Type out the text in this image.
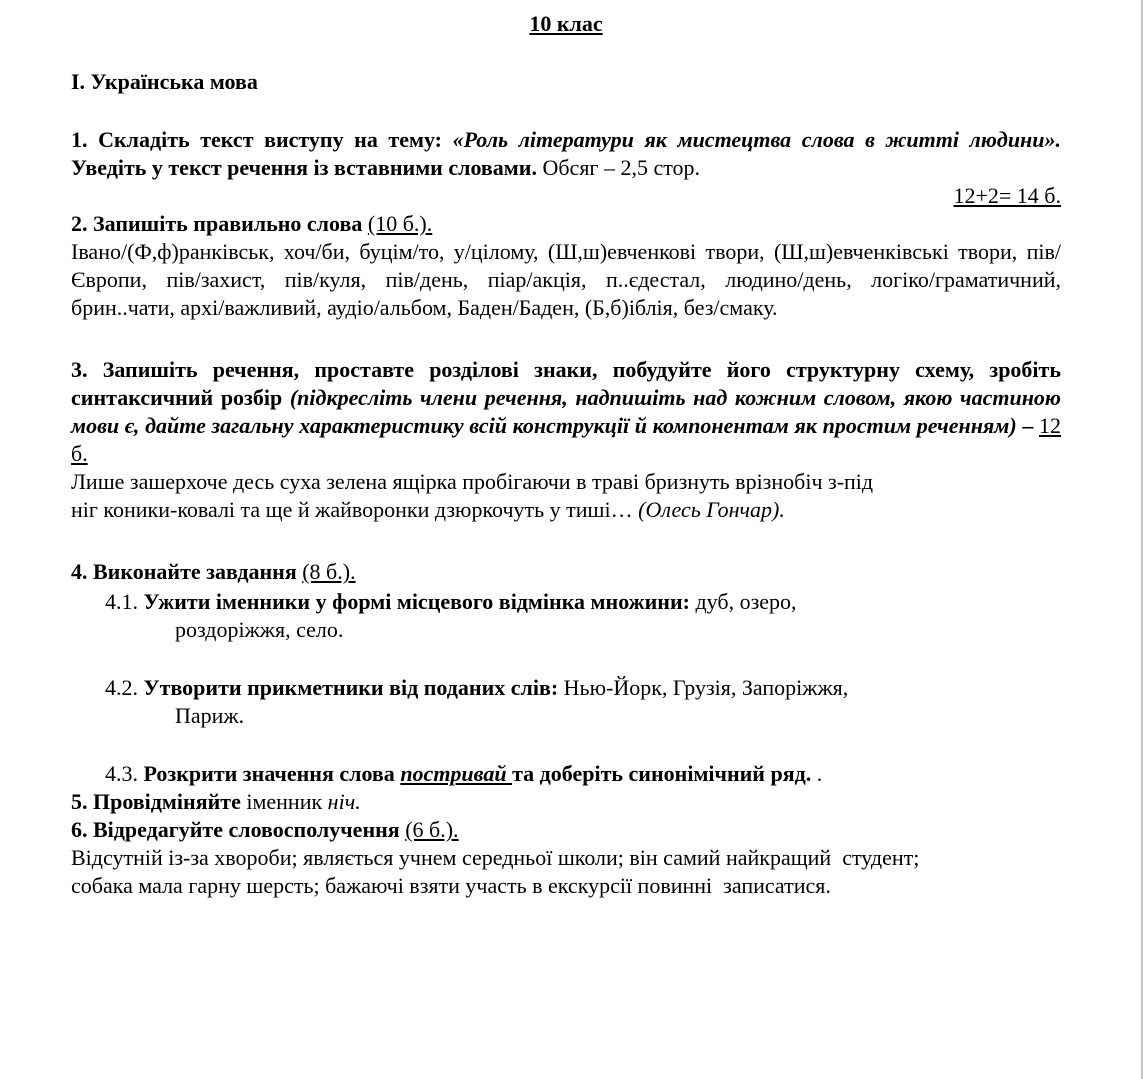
10 клас

І. Українська мова

1. Складіть текст виступу на тему: «Роль літератури як мистецтва слова в житті людини». Уведіть у текст речення із вставними словами. Обсяг – 2,5 стор.

12+2= 14 б.

2. Запишіть правильно слова (10 б.).

Івано/(Ф,ф)ранківськ, хоч/би, буцім/то, у/цілому, (Ш,ш)евченкові твори, (Ш,ш)евченківські твори, пів/Європи, пів/захист, пів/куля, пів/день, піар/акція, п..єдестал, людино/день, логіко/граматичний, брин..чати, архі/важливий, аудіо/альбом, Баден/Баден, (Б,б)іблія, без/смаку.

3. Запишіть речення, проставте розділові знаки, побудуйте його структурну схему, зробіть синтаксичний розбір (підкресліть члени речення, надпишіть над кожним словом, якою частиною мови є, дайте загальну характеристику всій конструкції й компонентам як простим реченням) – 12 б.

Лише зашерхоче десь суха зелена ящірка пробігаючи в траві бризнуть врізнобіч з-під

ніг коники-ковалі та ще й жайворонки дзюркочуть у тиші… (Олесь Гончар).

4. Виконайте завдання (8 б.).

4.1. Ужити іменники у формі місцевого відмінка множини: дуб, озеро,

роздоріжжя, село.

4.2. Утворити прикметники від поданих слів: Нью-Йорк, Грузія, Запоріжжя,

Париж.

4.3. Розкрити значення слова постривай та доберіть синонімічний ряд. .

5. Провідміняйте іменник ніч.

6. Відредагуйте словосполучення (6 б.).

Відсутній із-за хвороби; являється учнем середньої школи; він самий найкращий  студент;

собака мала гарну шерсть; бажаючі взяти участь в екскурсії повинні  записатися.
